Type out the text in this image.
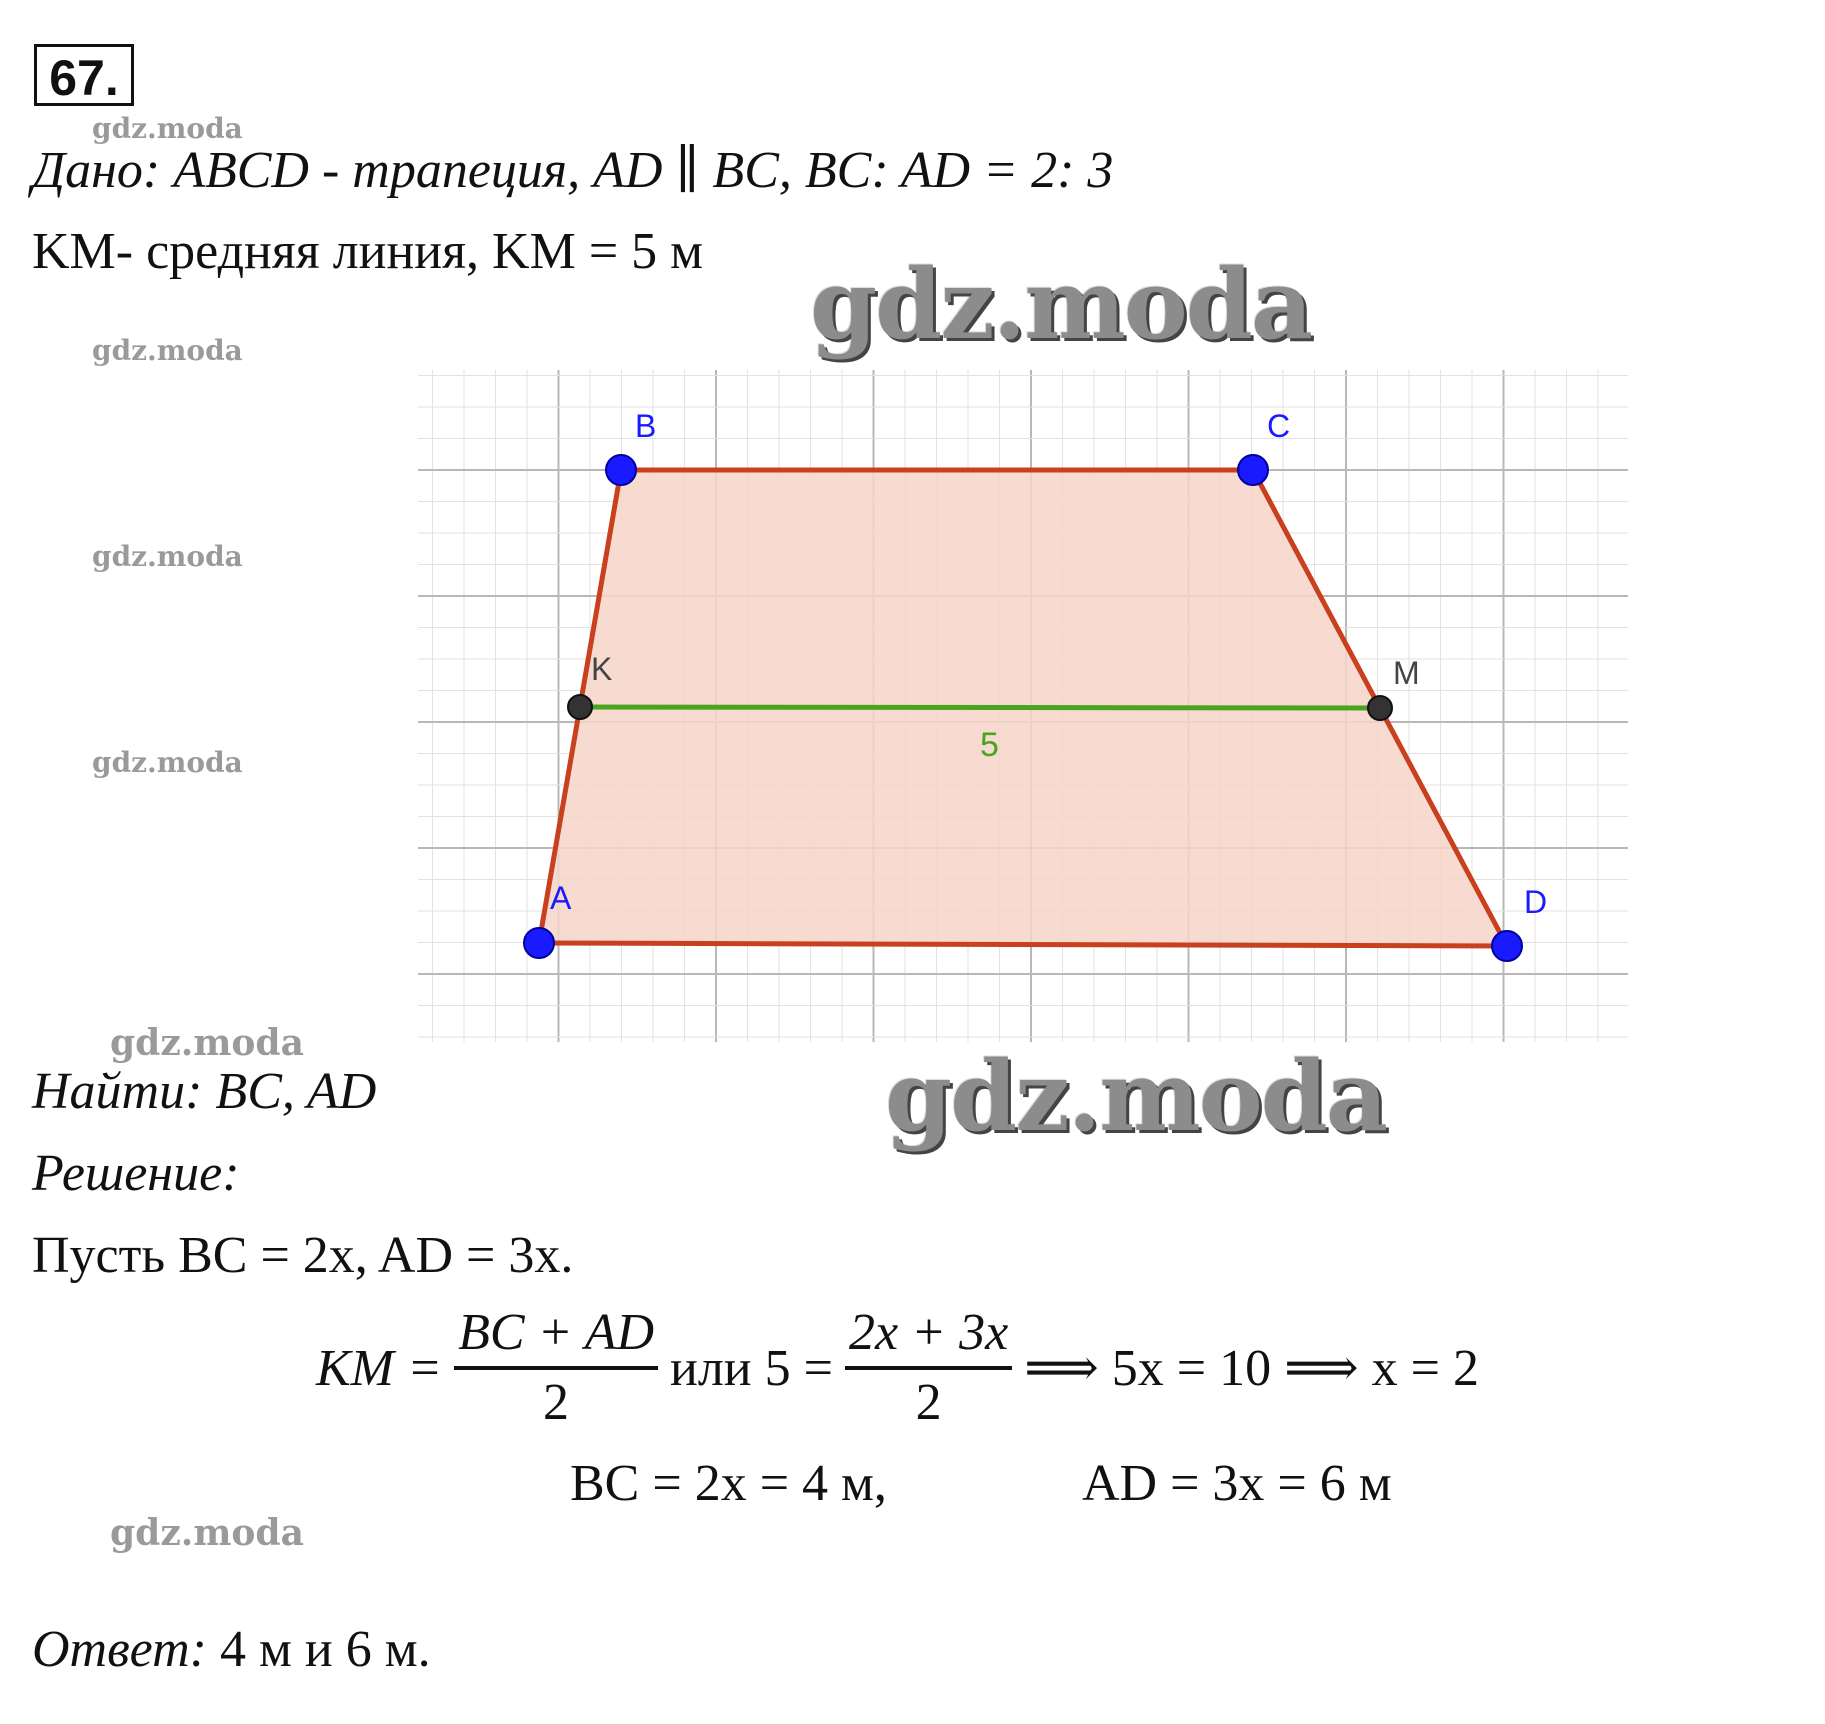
67.
gdz.moda
Дано: ABCD - трапеция, AD ∥ BC, BC: AD = 2: 3
KM- средняя линия, KM = 5 м gdz.moda
gdz.moda
gdz.moda
gdz.moda
B	C
K	M
5
A	D
gdz.moda
Найти: BC, AD	gdz.moda
Решение:
Пусть BC = 2x, AD = 3x.
KM = $\frac{BC + AD}{2}$ или $5 = \frac{2x + 3x}{2}$ ⟹ 5x = 10 ⟹ x = 2
BC = 2x = 4 м,	AD = 3x = 6 м
gdz.moda
Ответ: 4 м и 6 м.
